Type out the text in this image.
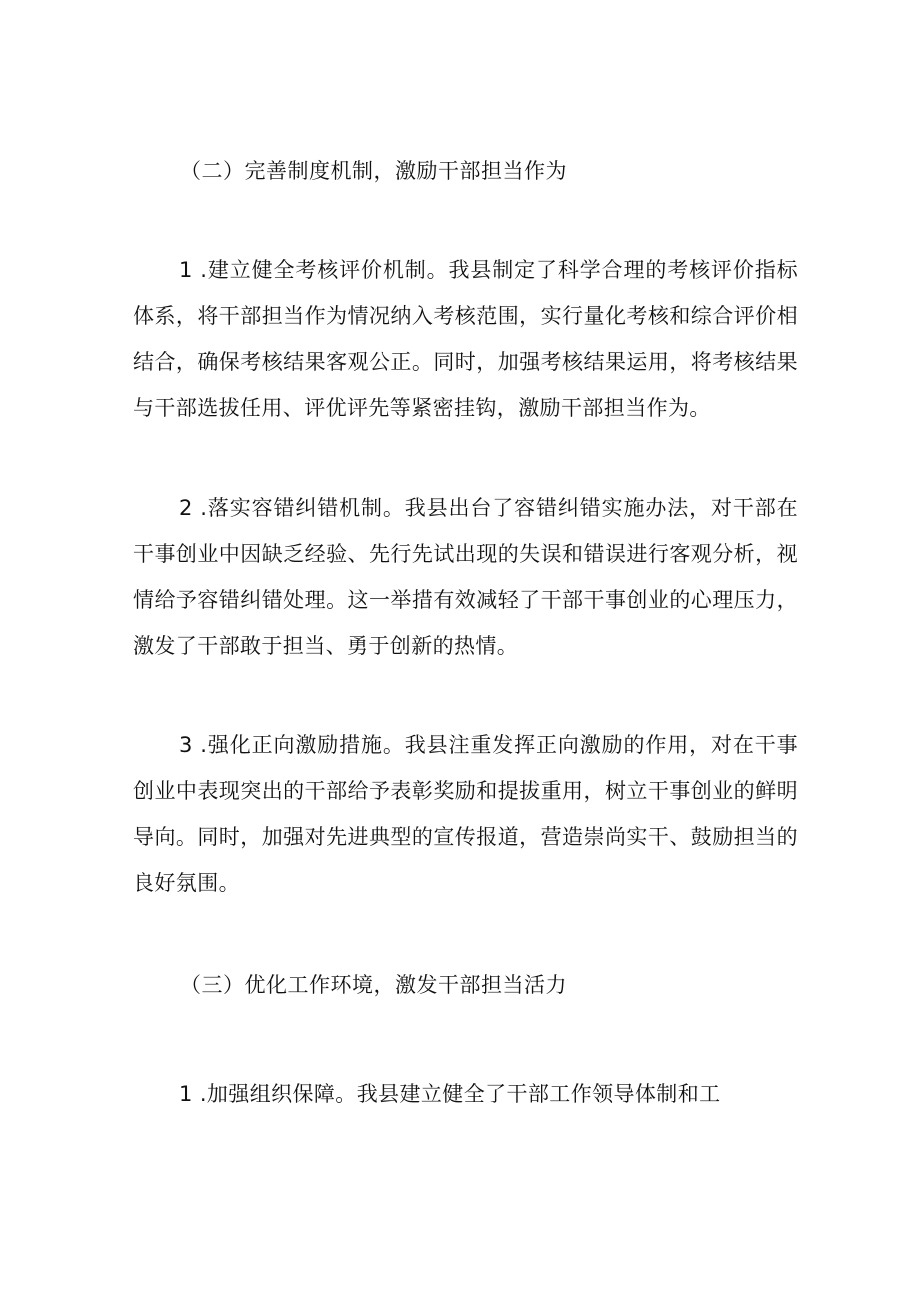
（二）完善制度机制，激励干部担当作为
1 .建立健全考核评价机制。我县制定了科学合理的考核评价指标体系，将干部担当作为情况纳入考核范围，实行量化考核和综合评价相结合，确保考核结果客观公正。同时，加强考核结果运用，将考核结果与干部选拔任用、评优评先等紧密挂钩，激励干部担当作为。
2 .落实容错纠错机制。我县出台了容错纠错实施办法，对干部在干事创业中因缺乏经验、先行先试出现的失误和错误进行客观分析，视情给予容错纠错处理。这一举措有效减轻了干部干事创业的心理压力，激发了干部敢于担当、勇于创新的热情。
3 .强化正向激励措施。我县注重发挥正向激励的作用，对在干事创业中表现突出的干部给予表彰奖励和提拔重用，树立干事创业的鲜明导向。同时，加强对先进典型的宣传报道，营造崇尚实干、鼓励担当的良好氛围。
（三）优化工作环境，激发干部担当活力
1 .加强组织保障。我县建立健全了干部工作领导体制和工
